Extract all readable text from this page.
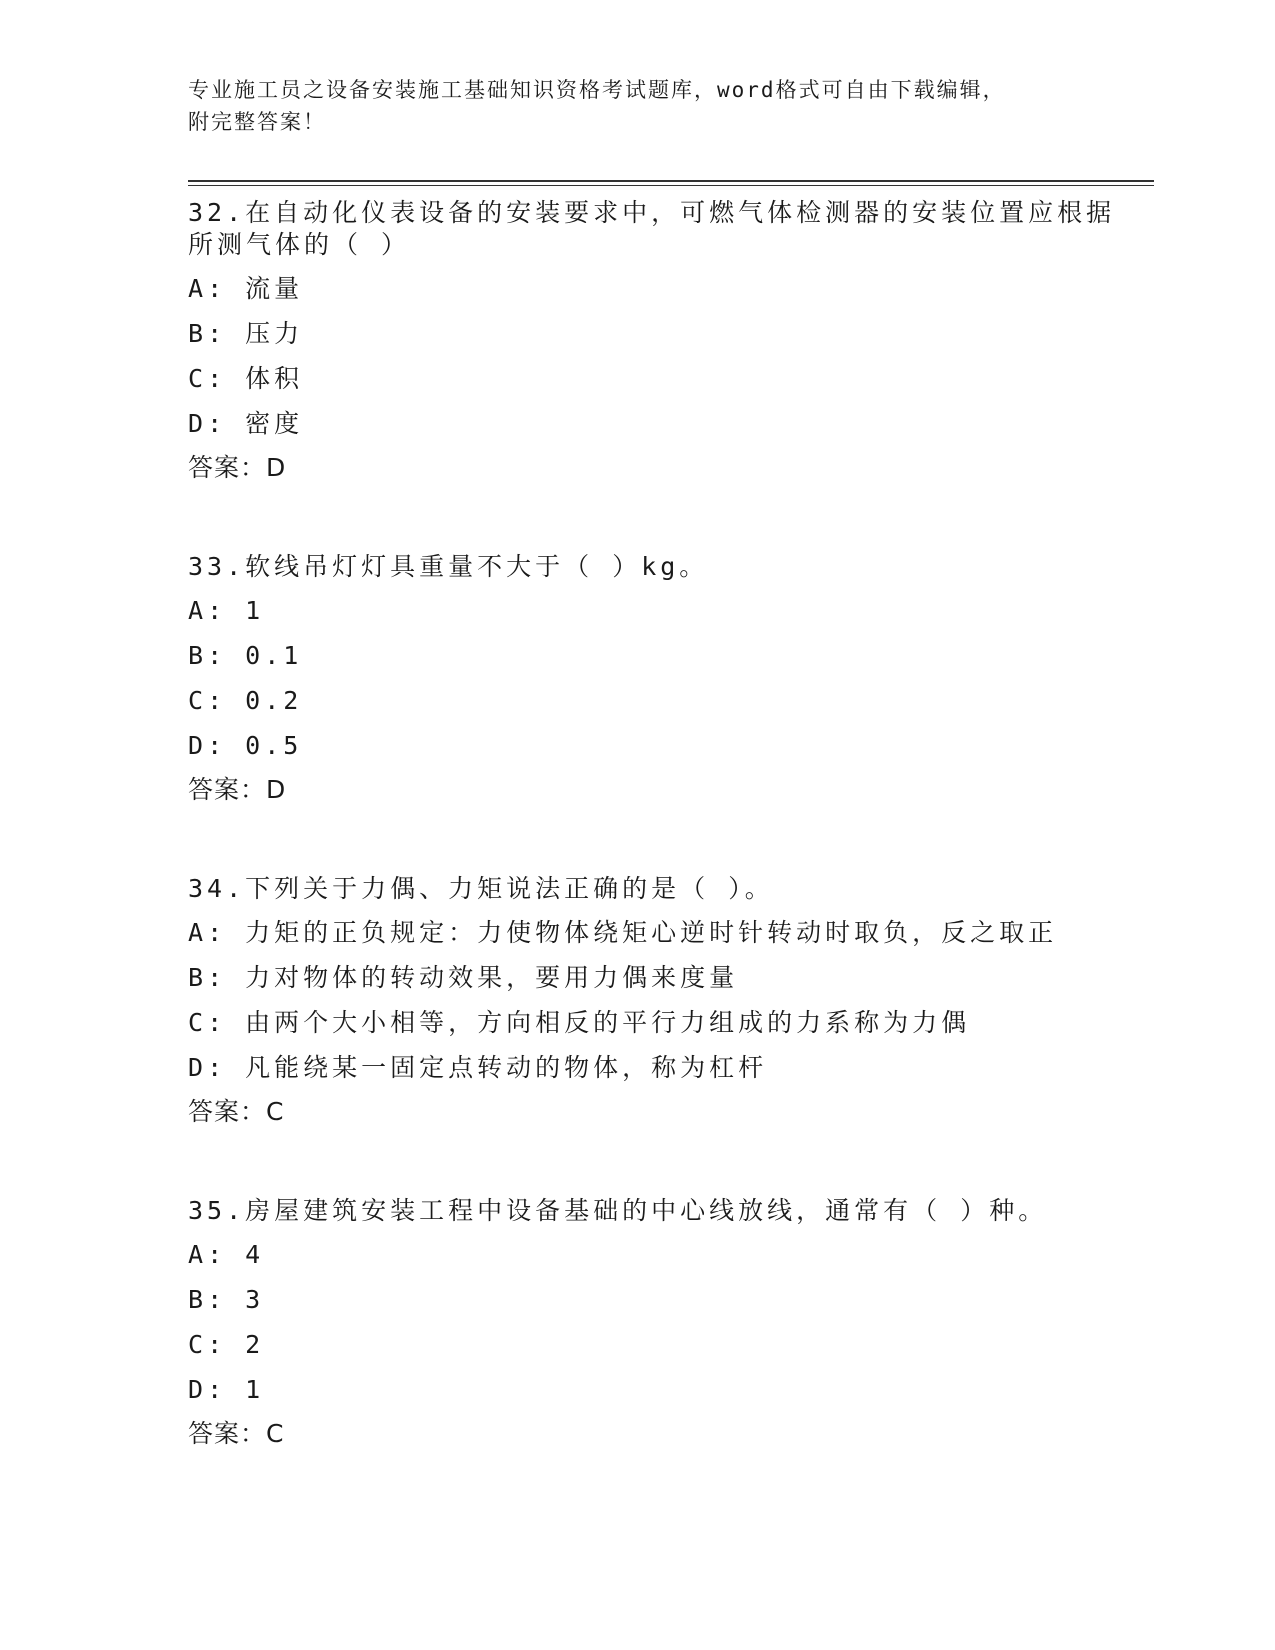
专业施工员之设备安装施工基础知识资格考试题库，word格式可自由下载编辑，
附完整答案！
32.在自动化仪表设备的安装要求中，可燃气体检测器的安装位置应根据所测气体的（ ）
A: 流量
B: 压力
C: 体积
D: 密度
答案：D
33.软线吊灯灯具重量不大于（ ）kg。
A: 1
B: 0.1
C: 0.2
D: 0.5
答案：D
34.下列关于力偶、力矩说法正确的是（ ）。
A: 力矩的正负规定：力使物体绕矩心逆时针转动时取负，反之取正
B: 力对物体的转动效果，要用力偶来度量
C: 由两个大小相等，方向相反的平行力组成的力系称为力偶
D: 凡能绕某一固定点转动的物体，称为杠杆
答案：C
35.房屋建筑安装工程中设备基础的中心线放线，通常有（ ）种。
A: 4
B: 3
C: 2
D: 1
答案：C
